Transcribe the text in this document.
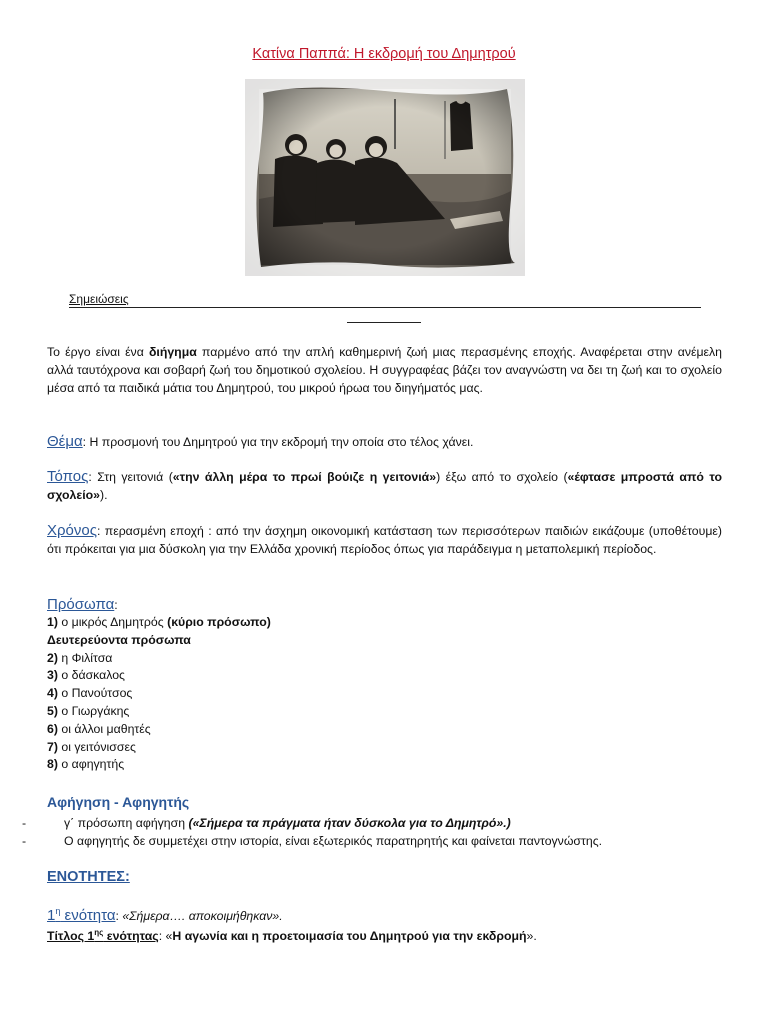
Κατίνα Παππά: Η εκδρομή του Δημητρού
Σημειώσεις

Το έργο είναι ένα διήγημα παρμένο από την απλή καθημερινή ζωή μιας περασμένης εποχής. Αναφέρεται στην ανέμελη αλλά ταυτόχρονα και σοβαρή ζωή του δημοτικού σχολείου. Η συγγραφέας βάζει τον αναγνώστη να δει τη ζωή και το σχολείο μέσα από τα παιδικά μάτια του Δημητρού, του μικρού ήρωα του διηγήματός μας.

Θέμα: Η προσμονή του Δημητρού για την εκδρομή την οποία στο τέλος χάνει.

Τόπος: Στη γειτονιά («την άλλη μέρα το πρωί βούιζε η γειτονιά») έξω από το σχολείο («έφτασε μπροστά από το σχολείο»).

Χρόνος: περασμένη εποχή : από την άσχημη οικονομική κατάσταση των περισσότερων παιδιών εικάζουμε (υποθέτουμε) ότι πρόκειται για μια δύσκολη για την Ελλάδα χρονική περίοδος όπως για παράδειγμα η μεταπολεμική περίοδος.

Πρόσωπα:
1) ο μικρός Δημητρός (κύριο πρόσωπο)
Δευτερεύοντα πρόσωπα
2) η Φιλίτσα
3) ο δάσκαλος
4) ο Πανούτσος
5) ο Γιωργάκης
6) οι άλλοι μαθητές
7) οι γειτόνισσες
8) ο αφηγητής
Αφήγηση - Αφηγητής
-	γ΄ πρόσωπη αφήγηση («Σήμερα τα πράγματα ήταν δύσκολα για το Δημητρό».)
-	Ο αφηγητής δε συμμετέχει στην ιστορία, είναι εξωτερικός παρατηρητής και φαίνεται παντογνώστης.
ΕΝΟΤΗΤΕΣ:
$1^\eta$ ενότητα: «Σήμερα…. αποκοιμήθηκαν».
Τίτλος $1^{\eta\varsigma}$ ενότητας: «Η αγωνία και η προετοιμασία του Δημητρού για την εκδρομή».
